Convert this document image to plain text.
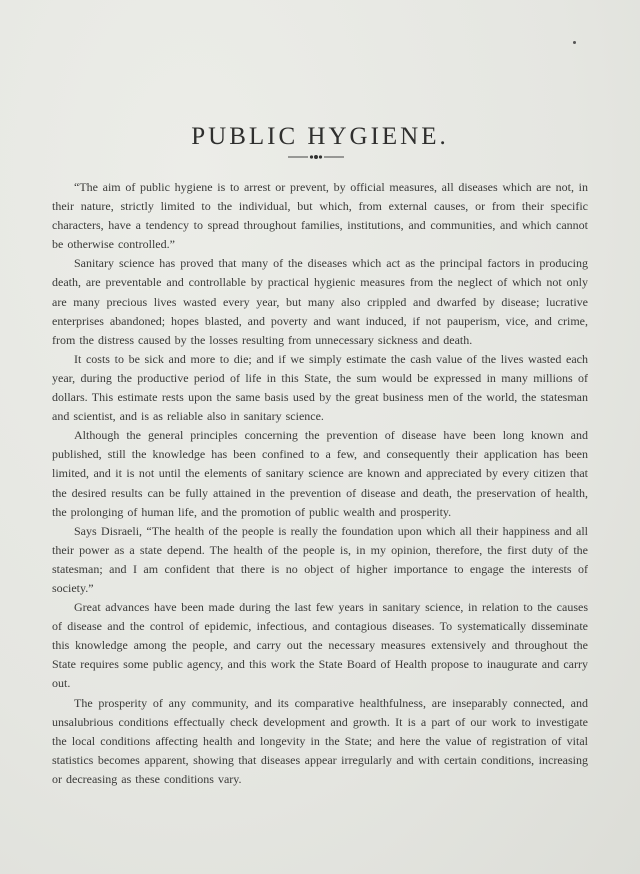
PUBLIC HYGIENE.

“The aim of public hygiene is to arrest or prevent, by official measures, all diseases which are not, in their nature, strictly limited to the individual, but which, from external causes, or from their specific characters, have a tendency to spread throughout families, institutions, and communities, and which cannot be otherwise controlled.”

Sanitary science has proved that many of the diseases which act as the principal factors in producing death, are preventable and controllable by practical hygienic measures from the neglect of which not only are many precious lives wasted every year, but many also crippled and dwarfed by disease; lucrative enterprises abandoned; hopes blasted, and poverty and want induced, if not pauperism, vice, and crime, from the distress caused by the losses resulting from unnecessary sickness and death.

It costs to be sick and more to die; and if we simply estimate the cash value of the lives wasted each year, during the productive period of life in this State, the sum would be expressed in many millions of dollars. This estimate rests upon the same basis used by the great business men of the world, the statesman and scientist, and is as reliable also in sanitary science.

Although the general principles concerning the prevention of disease have been long known and published, still the knowledge has been confined to a few, and consequently their application has been limited, and it is not until the elements of sanitary science are known and appreciated by every citizen that the desired results can be fully attained in the prevention of disease and death, the preservation of health, the prolonging of human life, and the promotion of public wealth and prosperity.

Says Disraeli, “The health of the people is really the foundation upon which all their happiness and all their power as a state depend. The health of the people is, in my opinion, therefore, the first duty of the statesman; and I am confident that there is no object of higher importance to engage the interests of society.”

Great advances have been made during the last few years in sanitary science, in relation to the causes of disease and the control of epidemic, infectious, and contagious diseases. To systematically disseminate this knowledge among the people, and carry out the necessary measures extensively and throughout the State requires some public agency, and this work the State Board of Health propose to inaugurate and carry out.

The prosperity of any community, and its comparative healthfulness, are inseparably connected, and unsalubrious conditions effectually check development and growth. It is a part of our work to investigate the local conditions affecting health and longevity in the State; and here the value of registration of vital statistics becomes apparent, showing that diseases appear irregularly and with certain conditions, increasing or decreasing as these conditions vary.
